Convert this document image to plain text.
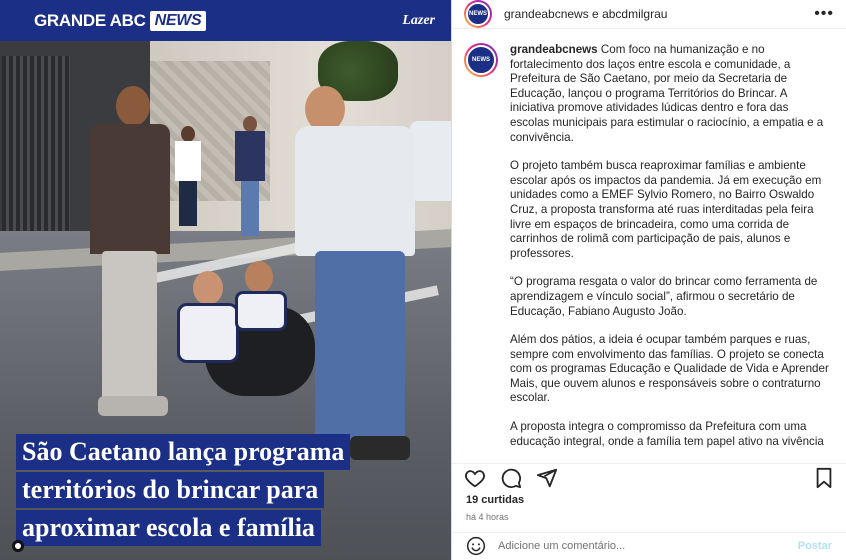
GRANDE ABC NEWS	Lazer
São Caetano lança programa
territórios do brincar para
aproximar escola e família
NEWS grandeabcnews e abcdmilgrau	•••
NEWS

grandeabcnews Com foco na humanização e no fortalecimento dos laços entre escola e comunidade, a Prefeitura de São Caetano, por meio da Secretaria de Educação, lançou o programa Territórios do Brincar. A iniciativa promove atividades lúdicas dentro e fora das escolas municipais para estimular o raciocínio, a empatia e a convivência.

O projeto também busca reaproximar famílias e ambiente escolar após os impactos da pandemia. Já em execução em unidades como a EMEF Sylvio Romero, no Bairro Oswaldo Cruz, a proposta transforma até ruas interditadas pela feira livre em espaços de brincadeira, como uma corrida de carrinhos de rolimã com participação de pais, alunos e professores.

“O programa resgata o valor do brincar como ferramenta de aprendizagem e vínculo social”, afirmou o secretário de Educação, Fabiano Augusto João.

Além dos pátios, a ideia é ocupar também parques e ruas, sempre com envolvimento das famílias. O projeto se conecta com os programas Educação e Qualidade de Vida e Aprender Mais, que ouvem alunos e responsáveis sobre o contraturno escolar.

A proposta integra o compromisso da Prefeitura com uma educação integral, onde a família tem papel ativo na vivência

19 curtidas
há 4 horas
Adicione um comentário...
Postar
